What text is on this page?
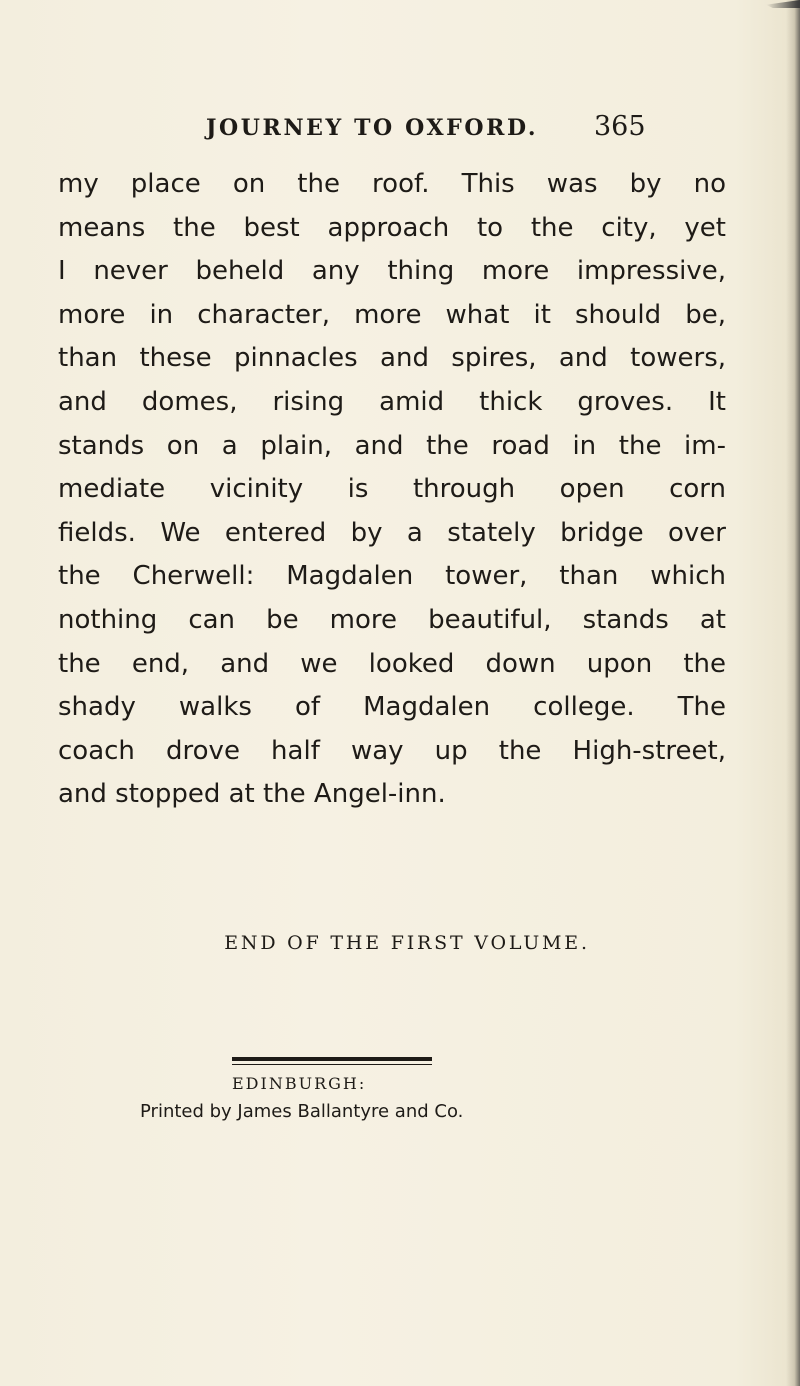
JOURNEY TO OXFORD. 365
my place on the roof. This was by no
means the best approach to the city, yet
I never beheld any thing more impressive,
more in character, more what it should be,
than these pinnacles and spires, and towers,
and domes, rising amid thick groves. It
stands on a plain, and the road in the im-
mediate vicinity is through open corn
fields. We entered by a stately bridge over
the Cherwell: Magdalen tower, than which
nothing can be more beautiful, stands at
the end, and we looked down upon the
shady walks of Magdalen college. The
coach drove half way up the High-street,
and stopped at the Angel-inn.
END OF THE FIRST VOLUME.
EDINBURGH:
Printed by James Ballantyre and Co.
